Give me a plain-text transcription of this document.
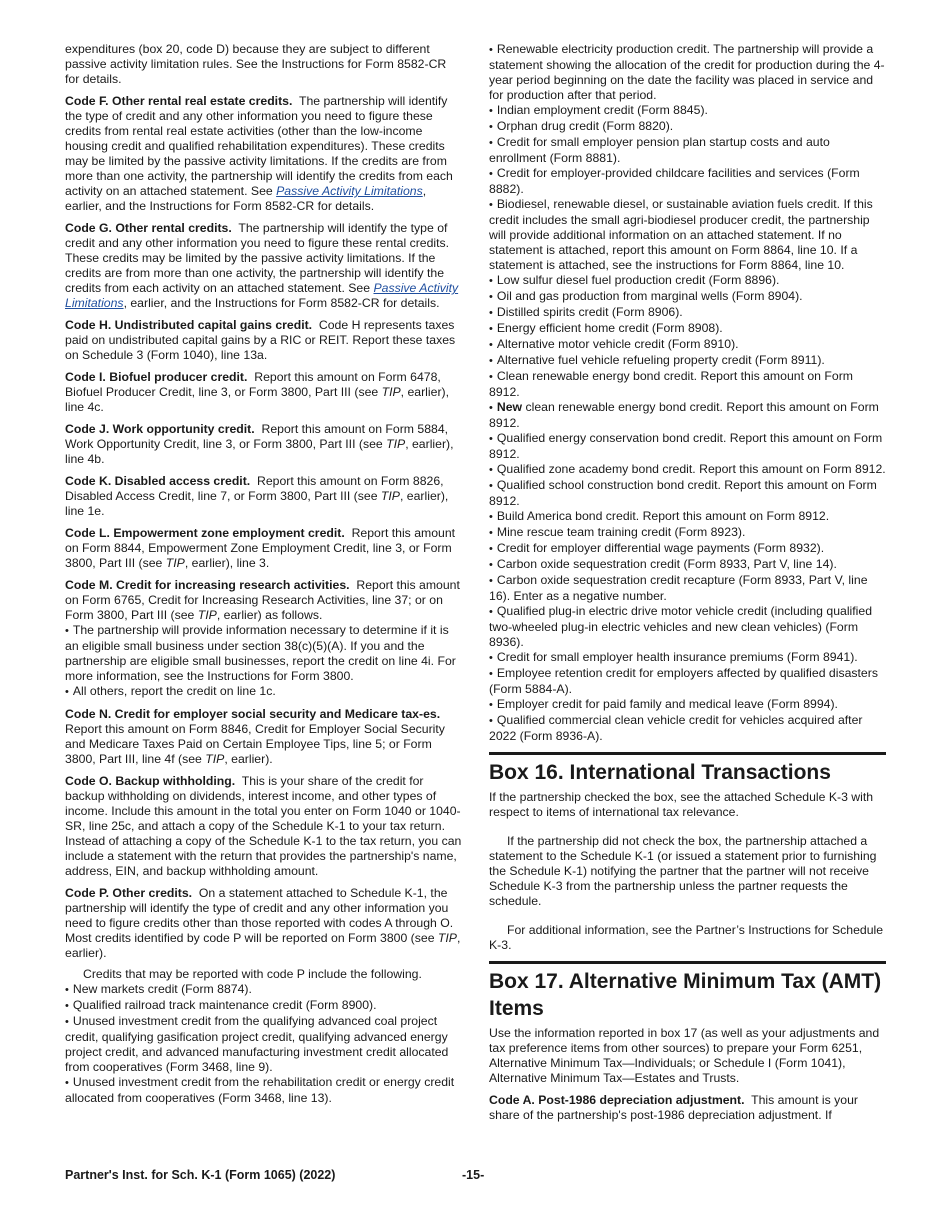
expenditures (box 20, code D) because they are subject to different passive activity limitation rules. See the Instructions for Form 8582-CR for details.

Code F. Other rental real estate credits. The partnership will identify the type of credit and any other information you need to figure these credits from rental real estate activities (other than the low-income housing credit and qualified rehabilitation expenditures). These credits may be limited by the passive activity limitations. If the credits are from more than one activity, the partnership will identify the credits from each activity on an attached statement. See Passive Activity Limitations, earlier, and the Instructions for Form 8582-CR for details.

Code G. Other rental credits. The partnership will identify the type of credit and any other information you need to figure these rental credits. These credits may be limited by the passive activity limitations. If the credits are from more than one activity, the partnership will identify the credits from each activity on an attached statement. See Passive Activity Limitations, earlier, and the Instructions for Form 8582-CR for details.

Code H. Undistributed capital gains credit. Code H represents taxes paid on undistributed capital gains by a RIC or REIT. Report these taxes on Schedule 3 (Form 1040), line 13a.

Code I. Biofuel producer credit. Report this amount on Form 6478, Biofuel Producer Credit, line 3, or Form 3800, Part III (see TIP, earlier), line 4c.

Code J. Work opportunity credit. Report this amount on Form 5884, Work Opportunity Credit, line 3, or Form 3800, Part III (see TIP, earlier), line 4b.

Code K. Disabled access credit. Report this amount on Form 8826, Disabled Access Credit, line 7, or Form 3800, Part III (see TIP, earlier), line 1e.

Code L. Empowerment zone employment credit. Report this amount on Form 8844, Empowerment Zone Employment Credit, line 3, or Form 3800, Part III (see TIP, earlier), line 3.

Code M. Credit for increasing research activities. Report this amount on Form 6765, Credit for Increasing Research Activities, line 37; or on Form 3800, Part III (see TIP, earlier) as follows.

• The partnership will provide information necessary to determine if it is an eligible small business under section 38(c)(5)(A). If you and the partnership are eligible small businesses, report the credit on line 4i. For more information, see the Instructions for Form 3800.

• All others, report the credit on line 1c.

Code N. Credit for employer social security and Medicare tax-es.  Report this amount on Form 8846, Credit for Employer Social Security and Medicare Taxes Paid on Certain Employee Tips, line 5; or Form 3800, Part III, line 4f (see TIP, earlier).

Code O. Backup withholding. This is your share of the credit for backup withholding on dividends, interest income, and other types of income. Include this amount in the total you enter on Form 1040 or 1040-SR, line 25c, and attach a copy of the Schedule K-1 to your tax return. Instead of attaching a copy of the Schedule K-1 to the tax return, you can include a statement with the return that provides the partnership's name, address, EIN, and backup withholding amount.

Code P. Other credits. On a statement attached to Schedule K-1, the partnership will identify the type of credit and any other information you need to figure credits other than those reported with codes A through O. Most credits identified by code P will be reported on Form 3800 (see TIP, earlier).

Credits that may be reported with code P include the following.

• New markets credit (Form 8874).

• Qualified railroad track maintenance credit (Form 8900).

• Unused investment credit from the qualifying advanced coal project credit, qualifying gasification project credit, qualifying advanced energy project credit, and advanced manufacturing investment credit allocated from cooperatives (Form 3468, line 9).

• Unused investment credit from the rehabilitation credit or energy credit allocated from cooperatives (Form 3468, line 13).

• Renewable electricity production credit. The partnership will provide a statement showing the allocation of the credit for production during the 4-year period beginning on the date the facility was placed in service and for production after that period.

• Indian employment credit (Form 8845).

• Orphan drug credit (Form 8820).

• Credit for small employer pension plan startup costs and auto enrollment (Form 8881).

• Credit for employer-provided childcare facilities and services (Form 8882).

• Biodiesel, renewable diesel, or sustainable aviation fuels credit. If this credit includes the small agri-biodiesel producer credit, the partnership will provide additional information on an attached statement. If no statement is attached, report this amount on Form 8864, line 10. If a statement is attached, see the instructions for Form 8864, line 10.

• Low sulfur diesel fuel production credit (Form 8896).

• Oil and gas production from marginal wells (Form 8904).

• Distilled spirits credit (Form 8906).

• Energy efficient home credit (Form 8908).

• Alternative motor vehicle credit (Form 8910).

• Alternative fuel vehicle refueling property credit (Form 8911).

• Clean renewable energy bond credit. Report this amount on Form 8912.

• New clean renewable energy bond credit. Report this amount on Form 8912.

• Qualified energy conservation bond credit. Report this amount on Form 8912.

• Qualified zone academy bond credit. Report this amount on Form 8912.

• Qualified school construction bond credit. Report this amount on Form 8912.

• Build America bond credit. Report this amount on Form 8912.

• Mine rescue team training credit (Form 8923).

• Credit for employer differential wage payments (Form 8932).

• Carbon oxide sequestration credit (Form 8933, Part V, line 14).

• Carbon oxide sequestration credit recapture (Form 8933, Part V, line 16). Enter as a negative number.

• Qualified plug-in electric drive motor vehicle credit (including qualified two-wheeled plug-in electric vehicles and new clean vehicles) (Form 8936).

• Credit for small employer health insurance premiums (Form 8941).

• Employee retention credit for employers affected by qualified disasters (Form 5884-A).

• Employer credit for paid family and medical leave (Form 8994).

• Qualified commercial clean vehicle credit for vehicles acquired after 2022 (Form 8936-A).

Box 16. International Transactions

If the partnership checked the box, see the attached Schedule K-3 with respect to items of international tax relevance.

If the partnership did not check the box, the partnership attached a statement to the Schedule K-1 (or issued a statement prior to furnishing the Schedule K-1) notifying the partner that the partner will not receive Schedule K-3 from the partnership unless the partner requests the schedule.

For additional information, see the Partner’s Instructions for Schedule K-3.

Box 17. Alternative Minimum Tax (AMT) Items

Use the information reported in box 17 (as well as your adjustments and tax preference items from other sources) to prepare your Form 6251, Alternative Minimum Tax—Individuals; or Schedule I (Form 1041), Alternative Minimum Tax—Estates and Trusts.

Code A. Post-1986 depreciation adjustment. This amount is your share of the partnership's post-1986 depreciation adjustment. If

Partner's Inst. for Sch. K-1 (Form 1065) (2022)	-15-
